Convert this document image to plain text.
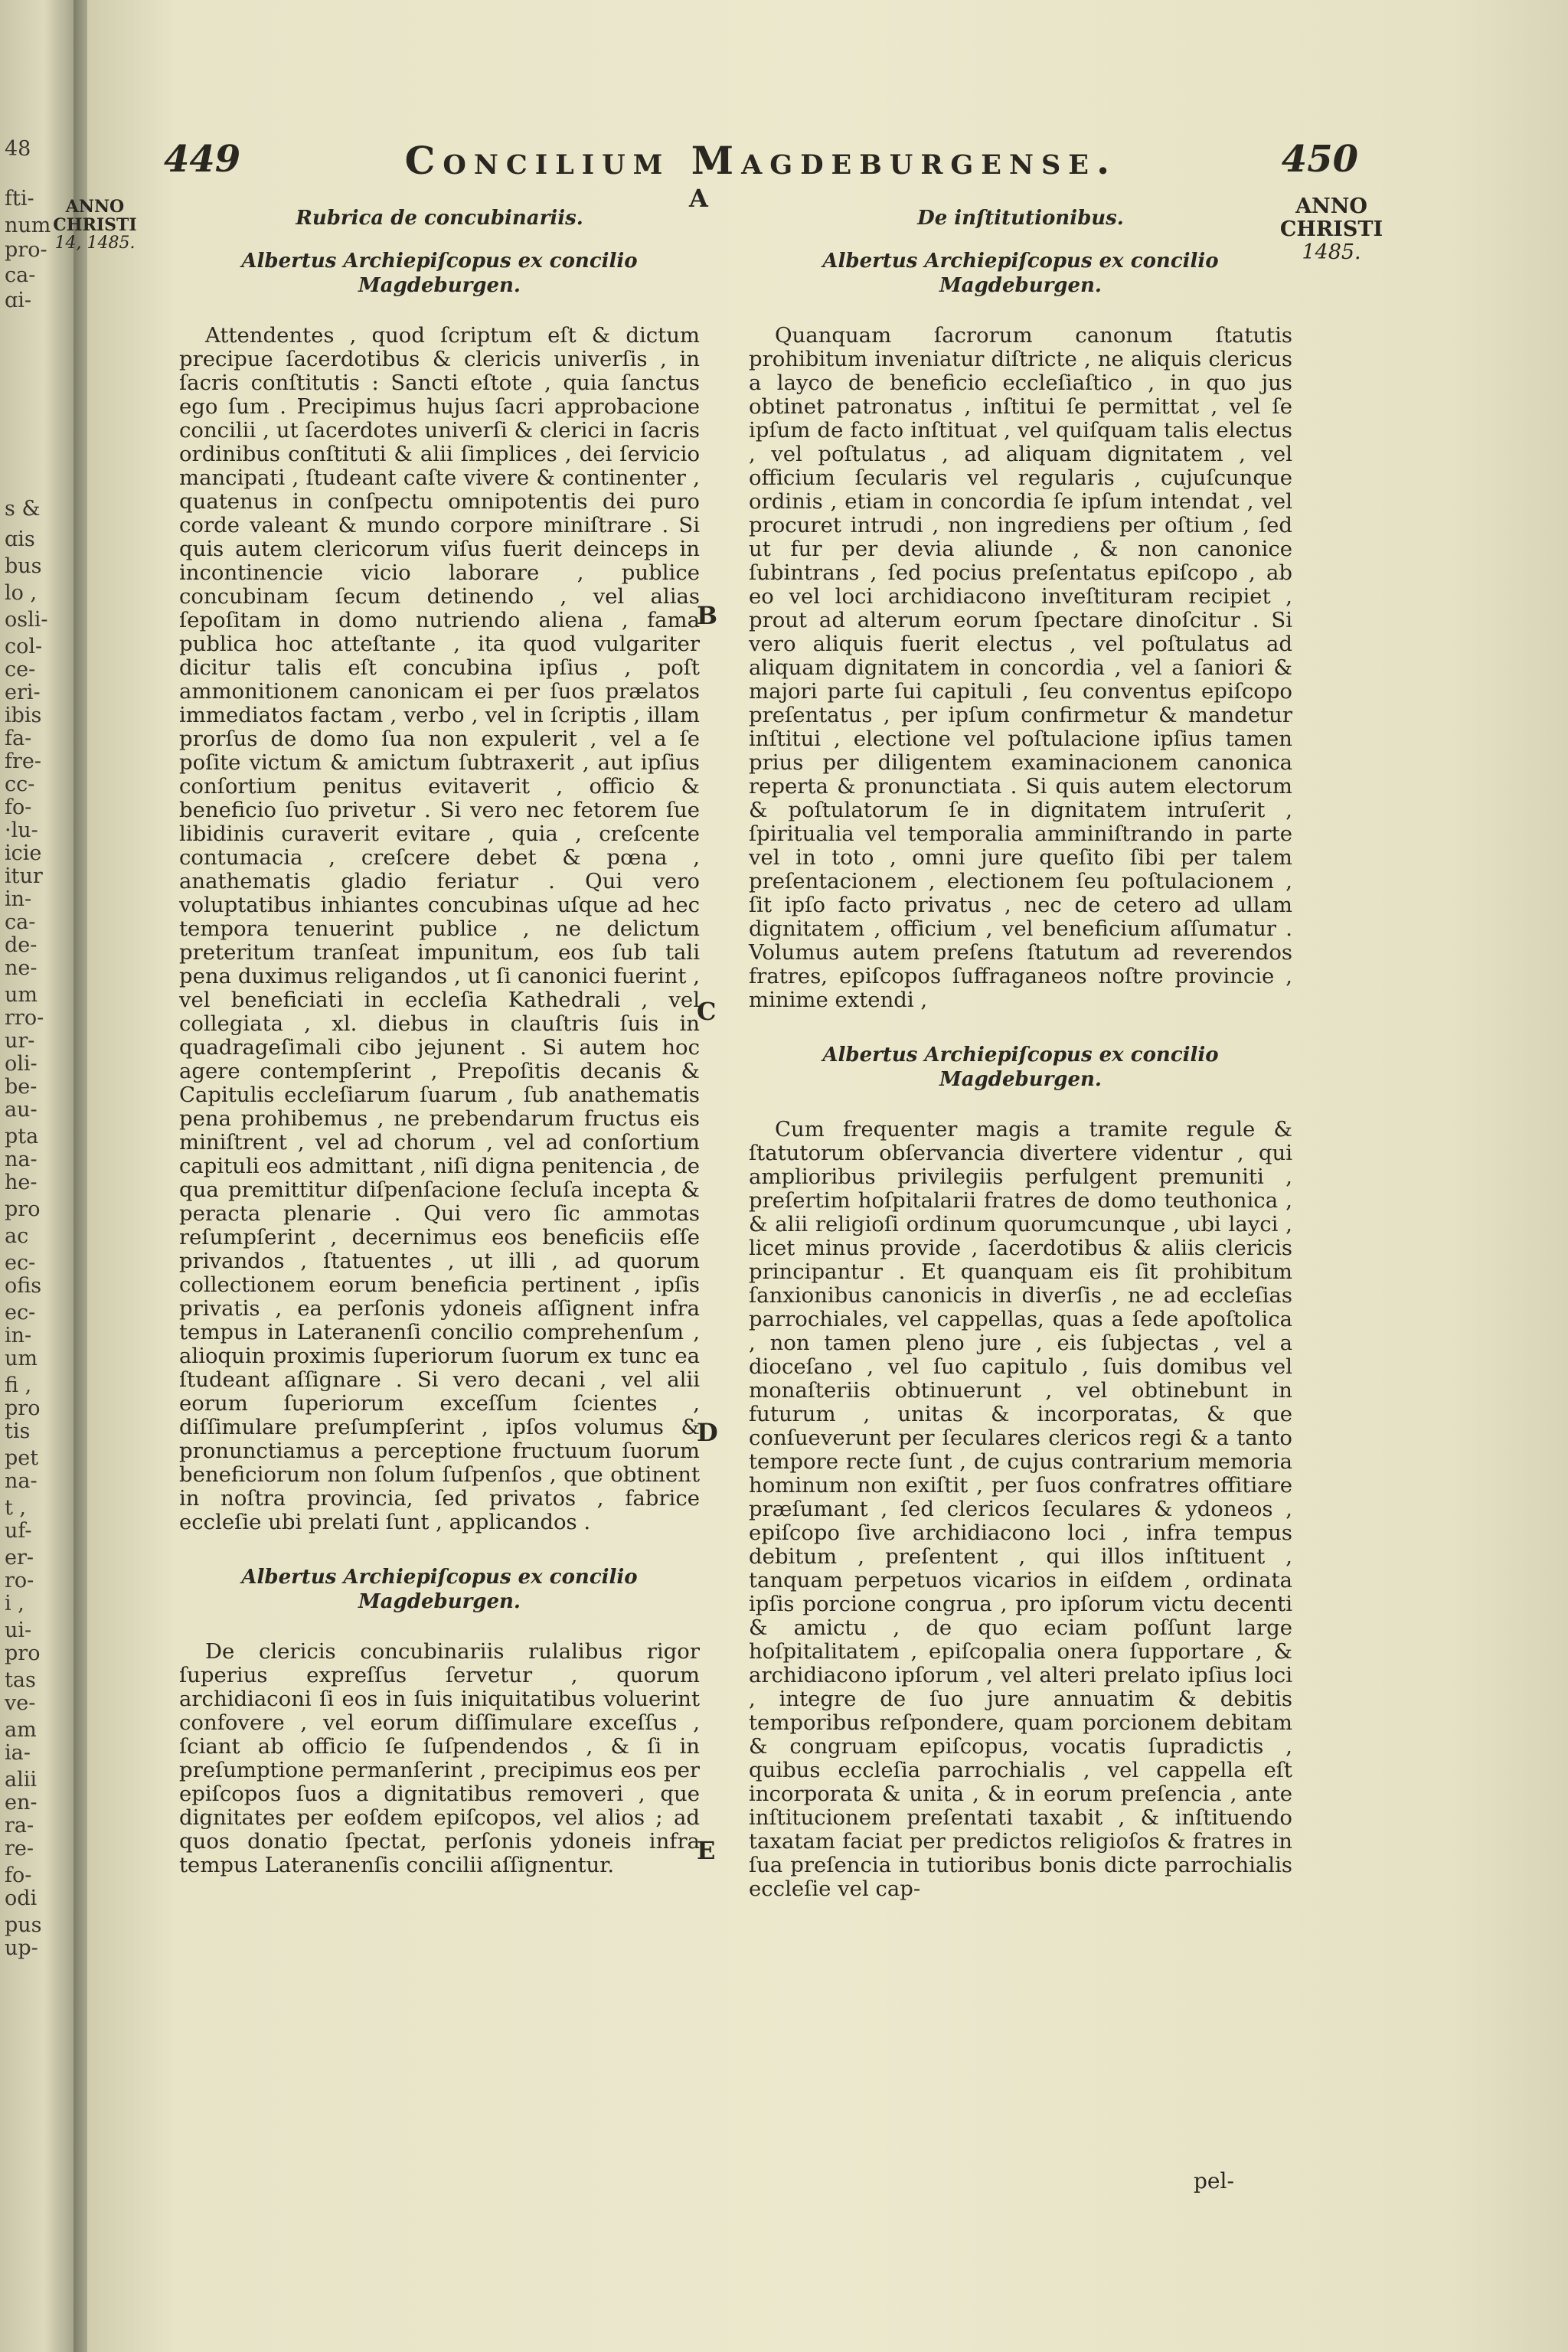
48
fti-
num
pro-
ca-
ɑi-
s &
ɑis
bus
lo ,
osli-
col-
ce-
eri-
ibis
fa-
fre-
cc-
fo-
·lu-
icie
itur
in-
ca-
de-
ne-
um
rro-
ur-
oli-
be-
au-
pta
na-
he-
pro
ac
ec-
ofis
ec-
in-
um
fi ,
pro
tis
pet
na-
t ,
uf-
er-
ro-
i ,
ui-
pro
tas
ve-
am
ia-
alii
en-
ra-
re-
fo-
odi
pus
up-
449	Concilium Magdeburgense.	450
ANNO
CHRISTI
14, 1485.
ANNO
CHRISTI
1485.
A
B
C
D
E
Rubrica de concubinariis.
Albertus Archiepiſcopus ex concilio Magdeburgen.

Attendentes , quod ſcriptum eſt & dictum precipue ſacerdotibus & clericis univerſis , in ſacris conſtitutis : Sancti eſtote , quia ſanctus ego ſum . Precipimus hujus ſacri approbacione concilii , ut ſacerdotes univerſi & clerici in ſacris ordinibus conſtituti & alii ſimplices , dei ſervicio mancipati , ſtudeant caſte vivere & continenter , quatenus in conſpectu omnipotentis dei puro corde valeant & mundo corpore miniſtrare . Si quis autem clericorum viſus fuerit deinceps in incontinencie vicio laborare , publice concubinam ſecum detinendo , vel alias ſepoſitam in domo nutriendo aliena , fama publica hoc atteſtante , ita quod vulgariter dicitur talis eſt concubina ipſius , poſt ammonitionem canonicam ei per ſuos prælatos immediatos factam , verbo , vel in ſcriptis , illam prorſus de domo ſua non expulerit , vel a ſe poſite victum & amictum ſubtraxerit , aut ipſius conſortium penitus evitaverit , officio & beneficio ſuo privetur . Si vero nec fetorem ſue libidinis curaverit evitare , quia , creſcente contumacia , creſcere debet & pœna , anathematis gladio feriatur . Qui vero voluptatibus inhiantes concubinas uſque ad hec tempora tenuerint publice , ne delictum preteritum tranſeat impunitum, eos ſub tali pena duximus religandos , ut ſi canonici fuerint , vel beneficiati in eccleſia Kathedrali , vel collegiata , xl. diebus in clauſtris ſuis in quadrageſimali cibo jejunent . Si autem hoc agere contempſerint , Prepoſitis decanis & Capitulis eccleſiarum ſuarum , ſub anathematis pena prohibemus , ne prebendarum fructus eis miniſtrent , vel ad chorum , vel ad conſortium capituli eos admittant , niſi digna penitencia , de qua premittitur diſpenſacione ſecluſa incepta & peracta plenarie . Qui vero ſic ammotas reſumpſerint , decernimus eos beneficiis eſſe privandos , ſtatuentes , ut illi , ad quorum collectionem eorum beneficia pertinent , ipſis privatis , ea perſonis ydoneis aſſignent infra tempus in Lateranenſi concilio comprehenſum , alioquin proximis ſuperiorum ſuorum ex tunc ea ſtudeant aſſignare . Si vero decani , vel alii eorum ſuperiorum exceſſum ſcientes , diſſimulare preſumpſerint , ipſos volumus & pronunctiamus a perceptione fructuum ſuorum beneficiorum non ſolum ſuſpenſos , que obtinent in noſtra provincia, ſed privatos , fabrice eccleſie ubi prelati ſunt , applicandos .

Albertus Archiepiſcopus ex concilio Magdeburgen.

De clericis concubinariis rulalibus rigor ſuperius expreſſus ſervetur , quorum archidiaconi ſi eos in ſuis iniquitatibus voluerint confovere , vel eorum diſſimulare exceſſus , ſciant ab officio ſe ſuſpendendos , & ſi in preſumptione permanſerint , precipimus eos per epiſcopos ſuos a dignitatibus removeri , que dignitates per eoſdem epiſcopos, vel alios ; ad quos donatio ſpectat, perſonis ydoneis infra tempus Lateranenſis concilii aſſignentur.

De inſtitutionibus.
Albertus Archiepiſcopus ex concilio Magdeburgen.

Quanquam ſacrorum canonum ſtatutis prohibitum inveniatur diſtricte , ne aliquis clericus a layco de beneficio eccleſiaſtico , in quo jus obtinet patronatus , inſtitui ſe permittat , vel ſe ipſum de facto inſtituat , vel quiſquam talis electus , vel poſtulatus , ad aliquam dignitatem , vel officium ſecularis vel regularis , cujuſcunque ordinis , etiam in concordia ſe ipſum intendat , vel procuret intrudi , non ingrediens per oſtium , ſed ut fur per devia aliunde , & non canonice ſubintrans , ſed pocius preſentatus epiſcopo , ab eo vel loci archidiacono inveſtituram recipiet , prout ad alterum eorum ſpectare dinoſcitur . Si vero aliquis fuerit electus , vel poſtulatus ad aliquam dignitatem in concordia , vel a ſaniori & majori parte ſui capituli , ſeu conventus epiſcopo preſentatus , per ipſum confirmetur & mandetur inſtitui , electione vel poſtulacione ipſius tamen prius per diligentem examinacionem canonica reperta & pronunctiata . Si quis autem electorum & poſtulatorum ſe in dignitatem intruſerit , ſpiritualia vel temporalia amminiſtrando in parte vel in toto , omni jure queſito ſibi per talem preſentacionem , electionem ſeu poſtulacionem , ſit ipſo facto privatus , nec de cetero ad ullam dignitatem , officium , vel beneficium aſſumatur . Volumus autem preſens ſtatutum ad reverendos fratres, epiſcopos ſuffraganeos noſtre provincie , minime extendi ,

Albertus Archiepiſcopus ex concilio Magdeburgen.

Cum frequenter magis a tramite regule & ſtatutorum obſervancia divertere videntur , qui amplioribus privilegiis perfulgent premuniti , preſertim hoſpitalarii fratres de domo teuthonica , & alii religioſi ordinum quorumcunque , ubi layci , licet minus provide , ſacerdotibus & aliis clericis principantur . Et quanquam eis ſit prohibitum ſanxionibus canonicis in diverſis , ne ad eccleſias parrochiales, vel cappellas, quas a ſede apoſtolica , non tamen pleno jure , eis ſubjectas , vel a dioceſano , vel ſuo capitulo , ſuis domibus vel monaſteriis obtinuerunt , vel obtinebunt in futurum , unitas & incorporatas, & que conſueverunt per ſeculares clericos regi & a tanto tempore recte ſunt , de cujus contrarium memoria hominum non exiſtit , per ſuos confratres offitiare præſumant , ſed clericos ſeculares & ydoneos , epiſcopo ſive archidiacono loci , infra tempus debitum , preſentent , qui illos inſtituent , tanquam perpetuos vicarios in eiſdem , ordinata ipſis porcione congrua , pro ipſorum victu decenti & amictu , de quo eciam poſſunt large hoſpitalitatem , epiſcopalia onera ſupportare , & archidiacono ipſorum , vel alteri prelato ipſius loci , integre de ſuo jure annuatim & debitis temporibus reſpondere, quam porcionem debitam & congruam epiſcopus, vocatis ſupradictis , quibus eccleſia parrochialis , vel cappella eſt incorporata & unita , & in eorum preſencia , ante inſtitucionem preſentati taxabit , & inſtituendo taxatam faciat per predictos religioſos & fratres in ſua preſencia in tutioribus bonis dicte parrochialis eccleſie vel cap-

pel-
